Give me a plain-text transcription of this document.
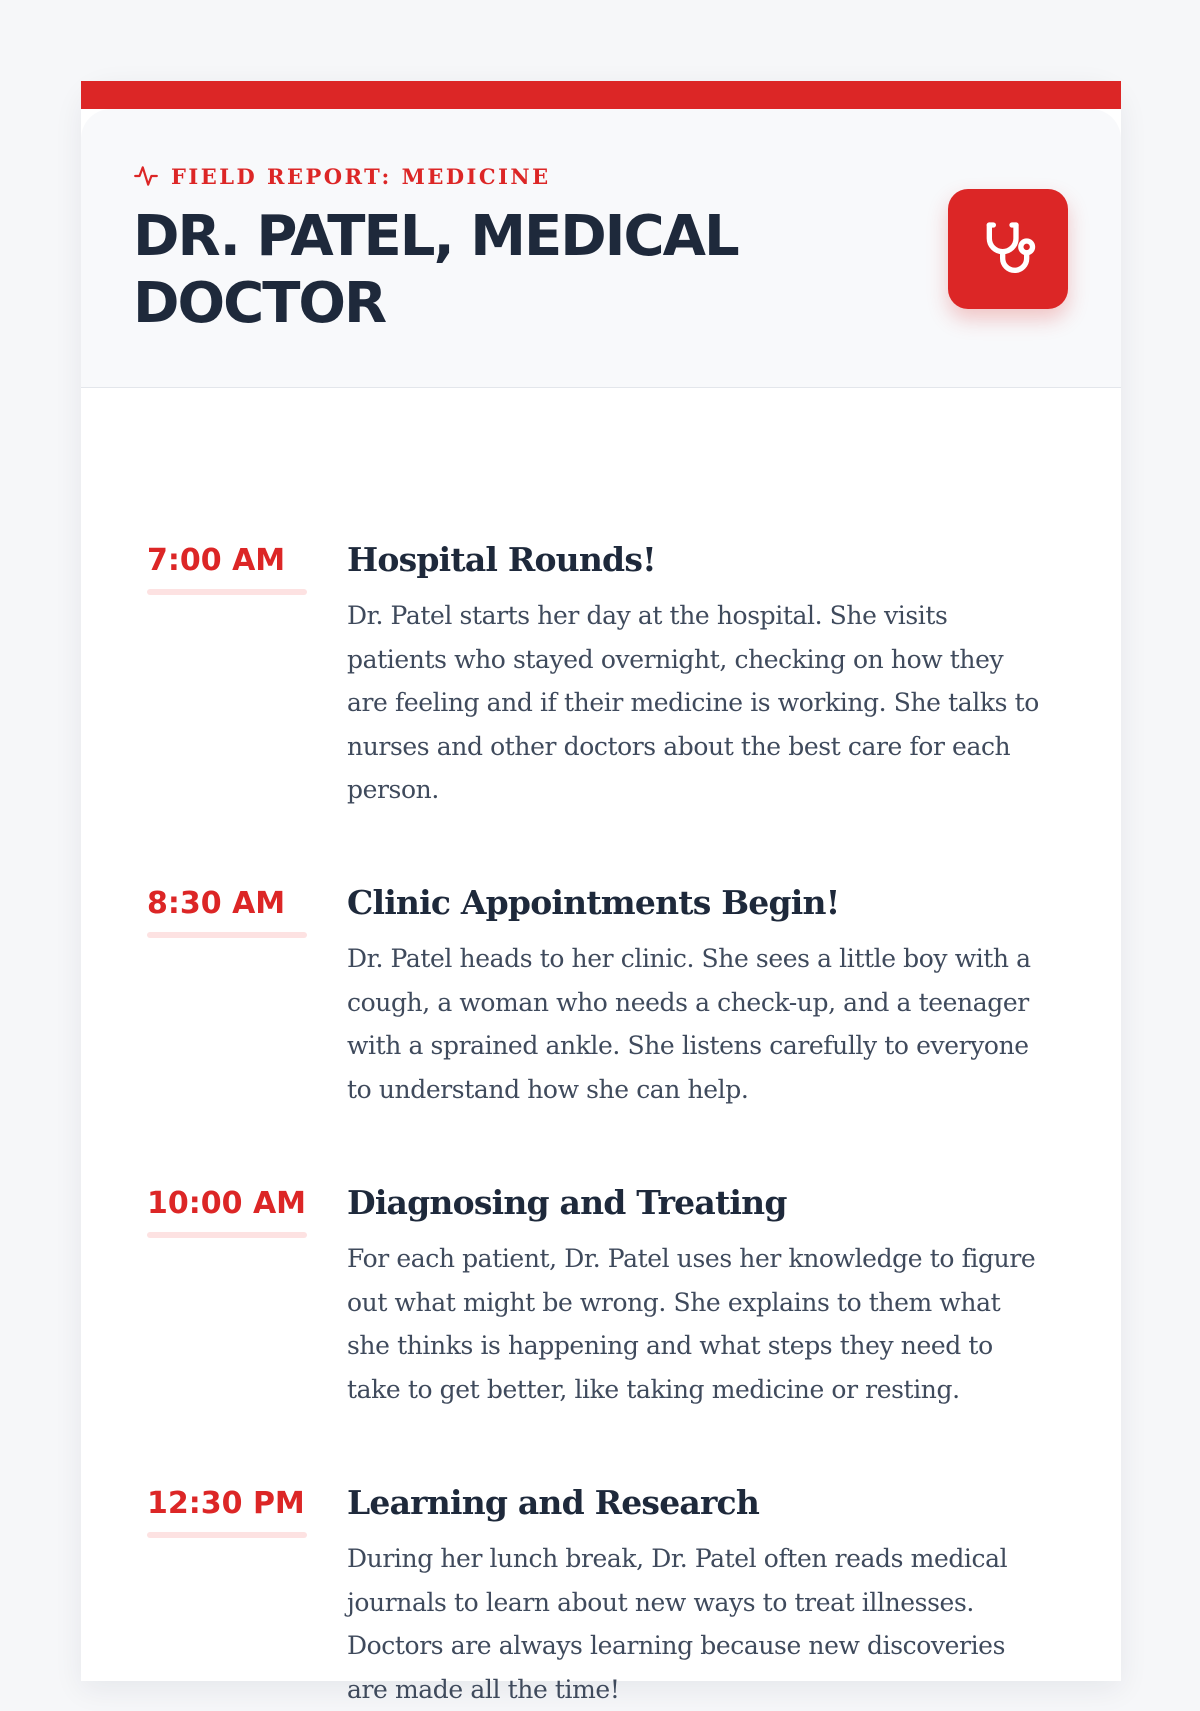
FIELD REPORT: MEDICINE
DR. PATEL, MEDICAL DOCTOR
7:00 AM	Hospital Rounds!

Dr. Patel starts her day at the hospital. She visits patients who stayed overnight, checking on how they are feeling and if their medicine is working. She talks to nurses and other doctors about the best care for each person.

8:30 AM	Clinic Appointments Begin!

Dr. Patel heads to her clinic. She sees a little boy with a cough, a woman who needs a check-up, and a teenager with a sprained ankle. She listens carefully to everyone to understand how she can help.

10:00 AM Diagnosing and Treating

For each patient, Dr. Patel uses her knowledge to figure out what might be wrong. She explains to them what she thinks is happening and what steps they need to take to get better, like taking medicine or resting.

12:30 PM Learning and Research

During her lunch break, Dr. Patel often reads medical journals to learn about new ways to treat illnesses. Doctors are always learning because new discoveries are made all the time!
